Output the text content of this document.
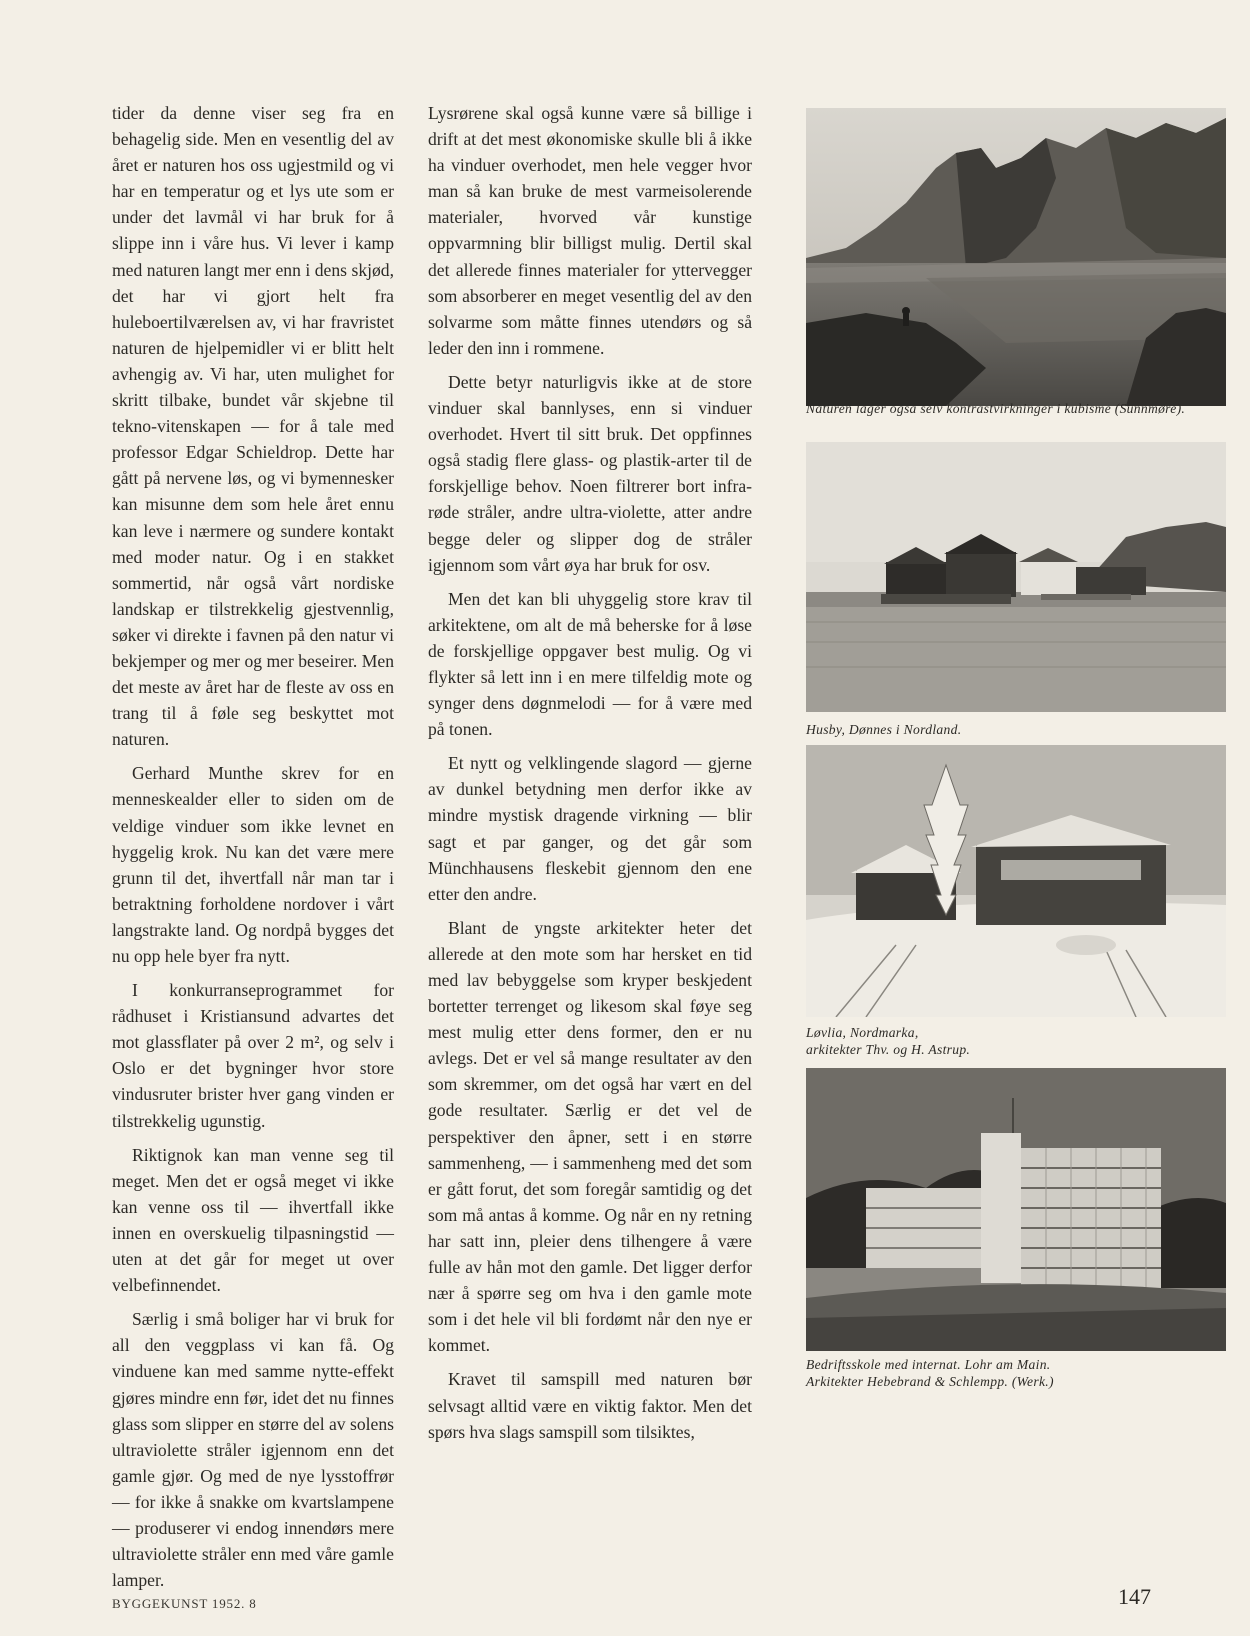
tider da denne viser seg fra en behagelig side. Men en vesentlig del av året er naturen hos oss ugjestmild og vi har en temperatur og et lys ute som er under det lavmål vi har bruk for å slippe inn i våre hus. Vi lever i kamp med naturen langt mer enn i dens skjød, det har vi gjort helt fra huleboertilværelsen av, vi har fravristet naturen de hjelpemidler vi er blitt helt avhengig av. Vi har, uten mulighet for skritt tilbake, bundet vår skjebne til tekno-vitenskapen — for å tale med professor Edgar Schieldrop. Dette har gått på nervene løs, og vi bymennesker kan misunne dem som hele året ennu kan leve i nærmere og sundere kontakt med moder natur. Og i en stakket sommertid, når også vårt nordiske landskap er tilstrekkelig gjestvennlig, søker vi direkte i favnen på den natur vi bekjemper og mer og mer beseirer. Men det meste av året har de fleste av oss en trang til å føle seg beskyttet mot naturen.

Gerhard Munthe skrev for en menneskealder eller to siden om de veldige vinduer som ikke levnet en hyggelig krok. Nu kan det være mere grunn til det, ihvertfall når man tar i betraktning forholdene nordover i vårt langstrakte land. Og nordpå bygges det nu opp hele byer fra nytt.

I konkurranseprogrammet for rådhuset i Kristiansund advartes det mot glassflater på over 2 m², og selv i Oslo er det bygninger hvor store vindusruter brister hver gang vinden er tilstrekkelig ugunstig.

Riktignok kan man venne seg til meget. Men det er også meget vi ikke kan venne oss til — ihvertfall ikke innen en overskuelig tilpasningstid — uten at det går for meget ut over velbefinnendet.

Særlig i små boliger har vi bruk for all den veggplass vi kan få. Og vinduene kan med samme nytte-effekt gjøres mindre enn før, idet det nu finnes glass som slipper en større del av solens ultraviolette stråler igjennom enn det gamle gjør. Og med de nye lysstoffrør — for ikke å snakke om kvartslampene — produserer vi endog innendørs mere ultraviolette stråler enn med våre gamle lamper.

Lysrørene skal også kunne være så billige i drift at det mest økonomiske skulle bli å ikke ha vinduer overhodet, men hele vegger hvor man så kan bruke de mest varmeisolerende materialer, hvorved vår kunstige oppvarmning blir billigst mulig. Dertil skal det allerede finnes materialer for yttervegger som absorberer en meget vesentlig del av den solvarme som måtte finnes utendørs og så leder den inn i rommene.

Dette betyr naturligvis ikke at de store vinduer skal bannlyses, enn si vinduer overhodet. Hvert til sitt bruk. Det oppfinnes også stadig flere glass- og plastik-arter til de forskjellige behov. Noen filtrerer bort infra-røde stråler, andre ultra-violette, atter andre begge deler og slipper dog de stråler igjennom som vårt øya har bruk for osv.

Men det kan bli uhyggelig store krav til arkitektene, om alt de må beherske for å løse de forskjellige oppgaver best mulig. Og vi flykter så lett inn i en mere tilfeldig mote og synger dens døgnmelodi — for å være med på tonen.

Et nytt og velklingende slagord — gjerne av dunkel betydning men derfor ikke av mindre mystisk dragende virkning — blir sagt et par ganger, og det går som Münchhausens fleskebit gjennom den ene etter den andre.

Blant de yngste arkitekter heter det allerede at den mote som har hersket en tid med lav bebyggelse som kryper beskjedent bortetter terrenget og likesom skal føye seg mest mulig etter dens former, den er nu avlegs. Det er vel så mange resultater av den som skremmer, om det også har vært en del gode resultater. Særlig er det vel de perspektiver den åpner, sett i en større sammenheng, — i sammenheng med det som er gått forut, det som foregår samtidig og det som må antas å komme. Og når en ny retning har satt inn, pleier dens tilhengere å være fulle av hån mot den gamle. Det ligger derfor nær å spørre seg om hva i den gamle mote som i det hele vil bli fordømt når den nye er kommet.

Kravet til samspill med naturen bør selvsagt alltid være en viktig faktor. Men det spørs hva slags samspill som tilsiktes,

Naturen lager også selv kontrastvirkninger i kubisme (Sunnmøre).
Husby, Dønnes i Nordland.
Løvlia, Nordmarka,
arkitekter Thv. og H. Astrup.
Bedriftsskole med internat. Lohr am Main.
Arkitekter Hebebrand & Schlempp. (Werk.)
BYGGEKUNST 1952. 8	147
